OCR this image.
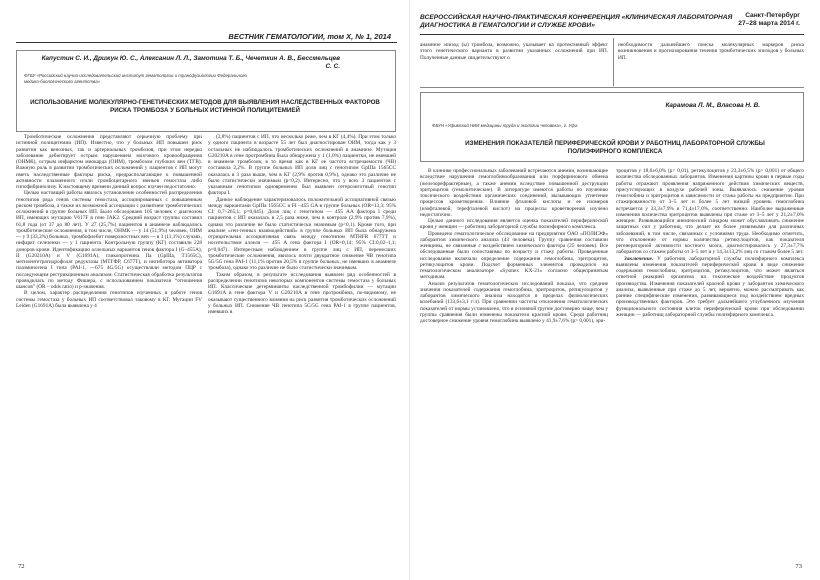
ВЕСТНИК ГЕМАТОЛОГИИ, том X, № 1, 2014
Капустин С. И., Дрижун Ю. С., Алексанин Л. Л., Замотина Т. Б., Чечеткин А. В., Бессмельцев С. С.
ФГБУ «Российский научно-исследовательский институт гематологии и трансфузиологии Федерального медико-биологического агентства»
ИСПОЛЬЗОВАНИЕ МОЛЕКУЛЯРНО-ГЕНЕТИЧЕСКИХ МЕТОДОВ ДЛЯ ВЫЯВЛЕНИЯ НАСЛЕДСТВЕННЫХ ФАКТОРОВ РИСКА ТРОМБОЗА У БОЛЬНЫХ ИСТИННОЙ ПОЛИЦИТЕМИЕЙ

Тромботические осложнения представляют серьезную проблему при истинной полицитемии (ИП). Известно, что у больных ИП повышен риск развития как венозных, так и артериальных тромбозов, при этом нередко заболевание дебютирует острым нарушением мозгового кровообращения (ОНМК), острым инфарктом миокарда (ОИМ), тромбозом глубоких вен (ТГВ). Важную роль в развитии тромботических осложнений у пациентов с ИП могут иметь наследственные факторы риска, предрасполагающие к повышенной активности плазменного и/или тромбоцитарного звеньев гемостаза либо гипофибринолизу. К настоящему времени данный вопрос изучен недостаточно.

Целью настоящей работы явилось установление особенностей распределения генотипов ряда генов системы гемостаза, ассоциированных с повышенным риском тромбоза, а также их возможной ассоциации с развитием тромботических осложнений в группе больных ИП. Было обследовано 105 человек с диагнозом ИП, имеющих мутацию V617F в гене JAK2. Средний возраст группы составил 61,8 года (от 37 до 80 лет). У 27 (25,7%) пациентов в анамнезе наблюдались тромботические осложнения, в том числе, ОНМК — у 14 (51,9%) человек, ОИМ — у 9 (33,3%) больных, тромбофлебит поверхностных вен — в 3 (11,1%) случаях, инфаркт селезенки — у 1 пациента. Контрольную группу (КГ) составили 228 доноров крови. Идентификацию аллельных вариантов генов фактора I (G–455A), II (G20210A) и V (G1691A), гликопротеина IIa (GpIIIa, T1565C), метилентетрагидрофолат редуктазы (МТГФР, C677T), и ингибитора активатора плазминогена I типа (PAI-1, —675 4G/5G) осуществляли методом ПЦР с последующим рестрикционным анализом. Статистическая обработка результатов проводилась по методу Фишера, с использованием показателя “отношения шансов” (OR – odds ratio) и p-значения.

В целом, характер распределения генотипов изученных в работе генов системы гемостаза у больных ИП соответствовал таковому в КГ. Мутации FV Leiden (G1691A) была выявлена у 4

(3,8%) пациентов с ИП, что несколько реже, чем в КГ (4,4%). При этом только у одного пациента в возрасте 55 лет был диагностирован ОИМ, тогда как у 3 остальных не наблюдалось тромботических осложнений в анамнезе. Мутация G20210A в гене протромбина была обнаружена у 1 (1,0%) пациентки, не имевшей в анамнезе тромбозов, в то время как в КГ ее частота встречаемости (ЧВ) составила 2,2%. В группе больных ИП доля лиц с генотипом GpIIIa 1565CC оказалась в 3 раза выше, чем в КГ (2,9% против 0,9%), однако это различие не было статистически значимым (p<0,2). Интересно, что у всех 3 пациентов с указанным генотипом одновременно был выявлен гетерозиготный генотип фактора I.

Данное наблюдение характеризовалось положительной ассоциативной связью между вариантами GpIIIa 1565CC и FI –455 GA в группе больных (OR=13,3; 95% CI: 0,7–265,1; p=0,045). Доля лиц с генотипом — 455 AA фактора I среди пациентов с ИП оказалась в 2,5 раза ниже, чем в контроле (2,9% против 7,9%), однако это различие не было статистически значимым (p<0,1). Кроме того, при анализе «ген-генных взаимодействий» в группе больных ИП была обнаружена отрицательная ассоциативная связь между генотипом MTHFR 677TT и носительством аллеля — 455 A гена фактора I (OR=0,14; 95% CI:0,02–1,1; p=0,047). Интересным наблюдением в группе лиц с ИП, перенесших тромботические осложнения, явилось почти двукратное снижение ЧВ генотипа 5G/5G гена PAI-1 (11,1% против 20,5% в группе больных, не имевших в анамнезе тромбоза), однако это различие не было статистически значимым.

Таким образом, в результате исследования выявлен ряд особенностей в распределении генотипов некоторых компонентов системы гемостаза у больных ИП. Классические детерминанты наследственной тромбофилии — мутации G1691A в гене фактора V и G20210A в гене протромбина, по-видимому, не оказывают существенного влияния на риск развития тромботических осложнений у больных ИП. Снижение ЧВ генотипа 5G/5G гена PAI-1 в группе пациентов, имевших в

72
ВСЕРОССИЙСКАЯ НАУЧНО-ПРАКТИЧЕСКАЯ КОНФЕРЕНЦИЯ «КЛИНИЧЕСКАЯ ЛАБОРАТОРНАЯ ДИАГНОСТИКА В ГЕМАТОЛОГИИ И СЛУЖБЕ КРОВИ»
Санкт-Петербург
27–28 марта 2014 г.

анамнезе эпизод (ы) тромбоза, возможно, указывает на протективный эффект этого генетического варианта в развитии указанных осложнений при ИП. Полученные данные свидетельствуют о

необходимости дальнейшего поиска молекулярных маркеров риска возникновения и прогнозирования течения тромботических эпизодов у больных ИП.

Карамова Л. М., Власова Н. В.
ФБУН «Уфимский НИИ медицины труда и экологии человека», г. Уфа
ИЗМЕНЕНИЯ ПОКАЗАТЕЛЕЙ ПЕРИФЕРИЧЕСКОЙ КРОВИ У РАБОТНИЦ ЛАБОРАТОРНОЙ СЛУЖБЫ ПОЛИЭФИРНОГО КОМПЛЕКСА

В клинике профессиональных заболеваний встречаются анемии, возникающие вследствие нарушения гемоглобинообразования или порфиринового обмена (железорефрактерные), а также анемии вследствие повышенной деструкции эритроцитов (гемолитические). В литературе имеются работы по изучению токсического воздействия органических соединений, вызывающих угнетение процессов кроветворения. Влияние фталевой кислоты и ее изомеров (изофталевой, терефталевой кислот) на процессы кроветворения изучено недостаточно.

Целью данного исследования является оценка показателей периферической крови у женщин — работниц лабораторной службы полиэфирного комплекса.

Проведено гематологическое обследование на предприятии ОАО «ПОЛИЭФ» лаборантов химического анализа (43 человека). Группу сравнения составили женщины, не связанные с воздействием химического фактора (25 человек). Все обследованные были сопоставимы по возрасту и стажу работы. Проведенные исследования включали определение содержания гемоглобина, эритроцитов, ретикулоцитов крови. Подсчет форменных элементов проводился на гематологическом анализаторе «Sysmex KX-21» согласно общепринятым методикам.

Анализ результатов гематологических исследований показал, что средние значения показателей содержания гемоглобина, эритроцитов, ретикулоцитов у лаборантов химического анализа находятся в пределах физиологических колебаний (133,6±3,1 г/л). При сравнении частоты отклонения гематологических показателей от нормы установлено, что в основной группе достоверно чаще, чем у группы сравнения были изменены показатели красной крови. Среди работниц достоверное снижение уровня гемоглобина выявлено у 41,9±7,6% (p> 0,001), эри-

троцитов у 18,6±6,0% (p> 0,01), ретикулоцитов у 23,3±6,5% (p> 0,001) от общего количества обследованных лаборантов. Изменения картины крови в первые годы работы отражают проявления напряженного действия химических веществ, присутствующих в воздухе рабочей зоны. Выявлялось снижение уровня гемоглобина и эритроцитов в зависимости от стажа работы на предприятии. При стажированности от 3–5 лет и более 5 лет низкий уровень гемоглобина встречается у 33,3±7,9% и 71,4±17,0%, соответственно. Наиболее выраженные изменения количества эритроцитов выявлены при стаже от 3–5 лет у 21,2±7,0% женщин. Развивающийся анемический синдром может обуславливать снижение защитных сил у работниц, что делает их более уязвимыми для различных заболеваний, в том числе, связанных с условиями труда. Необходимо отметить, что отклонение от нормы количества ретикулоцитов, как показателя регенераторной активности костного мозга, диагностировалось у 27,3±7,7% лаборантов со стажем работы от 3–5 лет и у 14,3±13,2% лиц со стажем более 5 лет.

Заключение. У работниц лабораторной службы полиэфирного комплекса выявлены изменения показателей периферической крови в виде снижение содержания гемоглобина, эритроцитов, ретикулоцитов, что может являться ответной реакцией организма на токсическое воздействие продуктов производства. Изменения показателей красной крови у лаборантов химического анализа, выявленные при стаже до 5 лет, вероятно, можно рассматривать как ранние специфические изменения, развивающиеся под воздействием вредных производственных факторов. Это требует дальнейшего углубленного изучения функционального состояния клеток периферической крови при обследовании женщин — работниц лабораторной службы полиэфирного комплекса.

73
